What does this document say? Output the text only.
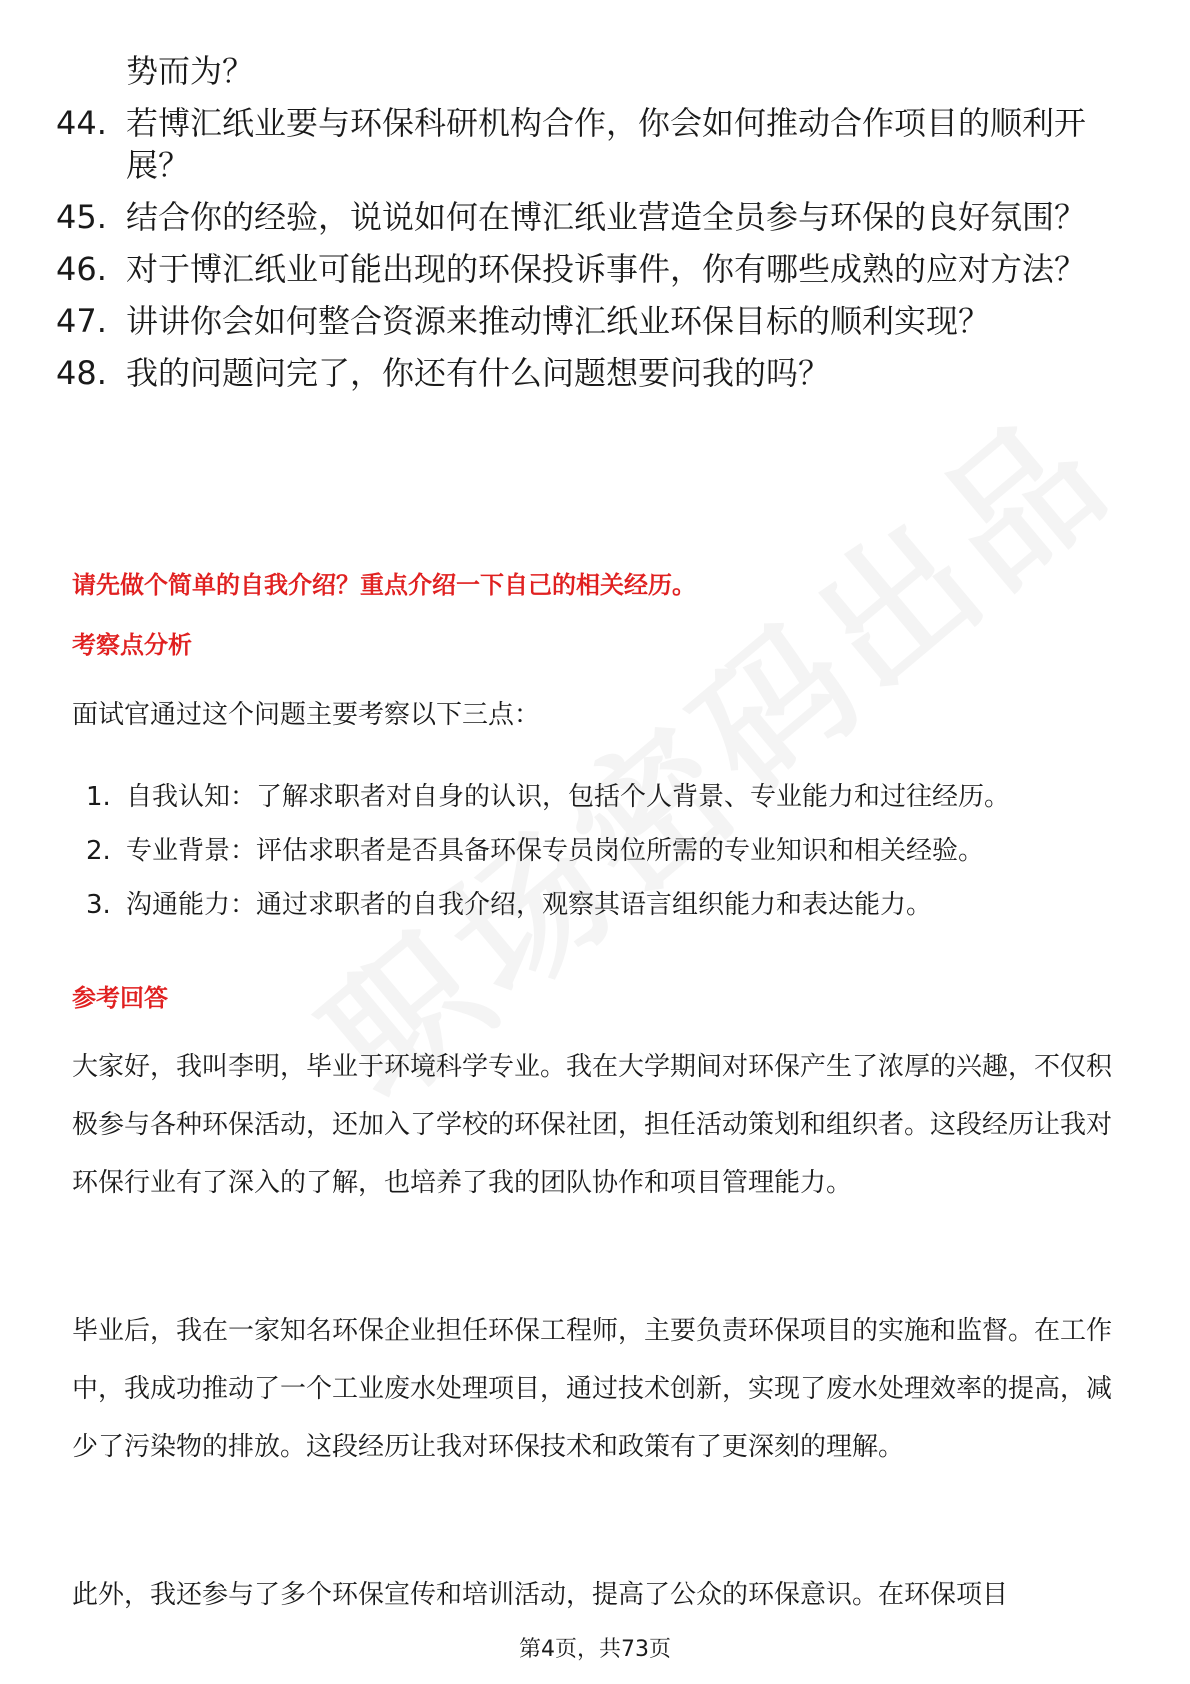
势而为？
44. 若博汇纸业要与环保科研机构合作，你会如何推动合作项目的顺利开展？
45. 结合你的经验，说说如何在博汇纸业营造全员参与环保的良好氛围？
46. 对于博汇纸业可能出现的环保投诉事件，你有哪些成熟的应对方法？
47. 讲讲你会如何整合资源来推动博汇纸业环保目标的顺利实现？
48. 我的问题问完了，你还有什么问题想要问我的吗？
请先做个简单的自我介绍？重点介绍一下自己的相关经历。
考察点分析
面试官通过这个问题主要考察以下三点：
1. 自我认知：了解求职者对自身的认识，包括个人背景、专业能力和过往经历。
2. 专业背景：评估求职者是否具备环保专员岗位所需的专业知识和相关经验。
3. 沟通能力：通过求职者的自我介绍，观察其语言组织能力和表达能力。
参考回答
大家好，我叫李明，毕业于环境科学专业。我在大学期间对环保产生了浓厚的兴趣，不仅积极参与各种环保活动，还加入了学校的环保社团，担任活动策划和组织者。这段经历让我对环保行业有了深入的了解，也培养了我的团队协作和项目管理能力。
毕业后，我在一家知名环保企业担任环保工程师，主要负责环保项目的实施和监督。在工作中，我成功推动了一个工业废水处理项目，通过技术创新，实现了废水处理效率的提高，减少了污染物的排放。这段经历让我对环保技术和政策有了更深刻的理解。
此外，我还参与了多个环保宣传和培训活动，提高了公众的环保意识。在环保项目
第4页，共73页
